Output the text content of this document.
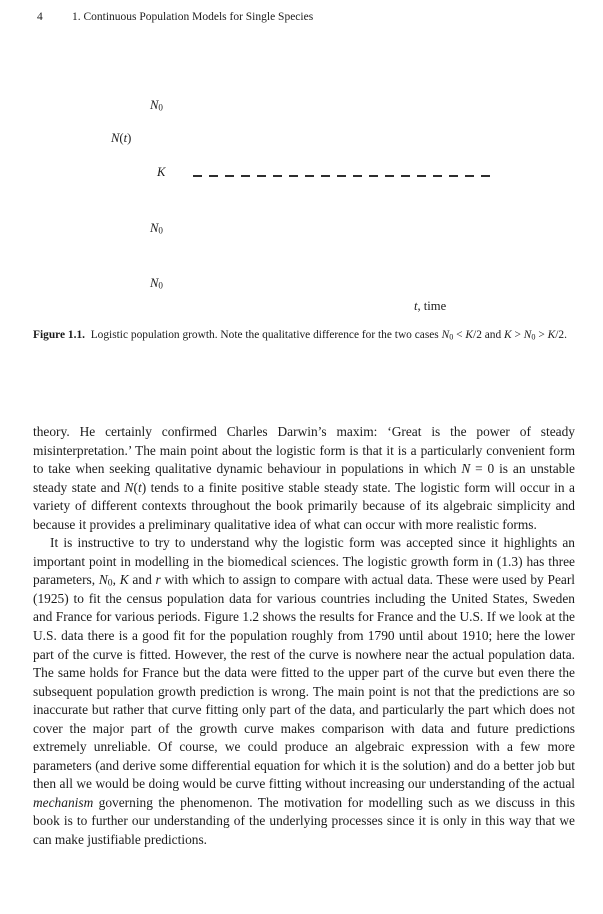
4	1. Continuous Population Models for Single Species
$N_0$
N(t)
K
$N_0$
$N_0$
t, time

Figure 1.1. Logistic population growth. Note the qualitative difference for the two cases $N_0 < K/2$ and $K > N_0 > K/2$.

theory. He certainly confirmed Charles Darwin’s maxim: ‘Great is the power of steady misinterpretation.’ The main point about the logistic form is that it is a particularly convenient form to take when seeking qualitative dynamic behaviour in populations in which N = 0 is an unstable steady state and N(t) tends to a finite positive stable steady state. The logistic form will occur in a variety of different contexts throughout the book primarily because of its algebraic simplicity and because it provides a preliminary qualitative idea of what can occur with more realistic forms.

It is instructive to try to understand why the logistic form was accepted since it highlights an important point in modelling in the biomedical sciences. The logistic growth form in (1.3) has three parameters, $N_0$, K and r with which to assign to compare with actual data. These were used by Pearl (1925) to fit the census population data for various countries including the United States, Sweden and France for various periods. Figure 1.2 shows the results for France and the U.S. If we look at the U.S. data there is a good fit for the population roughly from 1790 until about 1910; here the lower part of the curve is fitted. However, the rest of the curve is nowhere near the actual population data. The same holds for France but the data were fitted to the upper part of the curve but even there the subsequent population growth prediction is wrong. The main point is not that the predictions are so inaccurate but rather that curve fitting only part of the data, and particularly the part which does not cover the major part of the growth curve makes comparison with data and future predictions extremely unreliable. Of course, we could produce an algebraic expression with a few more parameters (and derive some differential equation for which it is the solution) and do a better job but then all we would be doing would be curve fitting without increasing our understanding of the actual mechanism governing the phenomenon. The motivation for modelling such as we discuss in this book is to further our understanding of the underlying processes since it is only in this way that we can make justifiable predictions.
